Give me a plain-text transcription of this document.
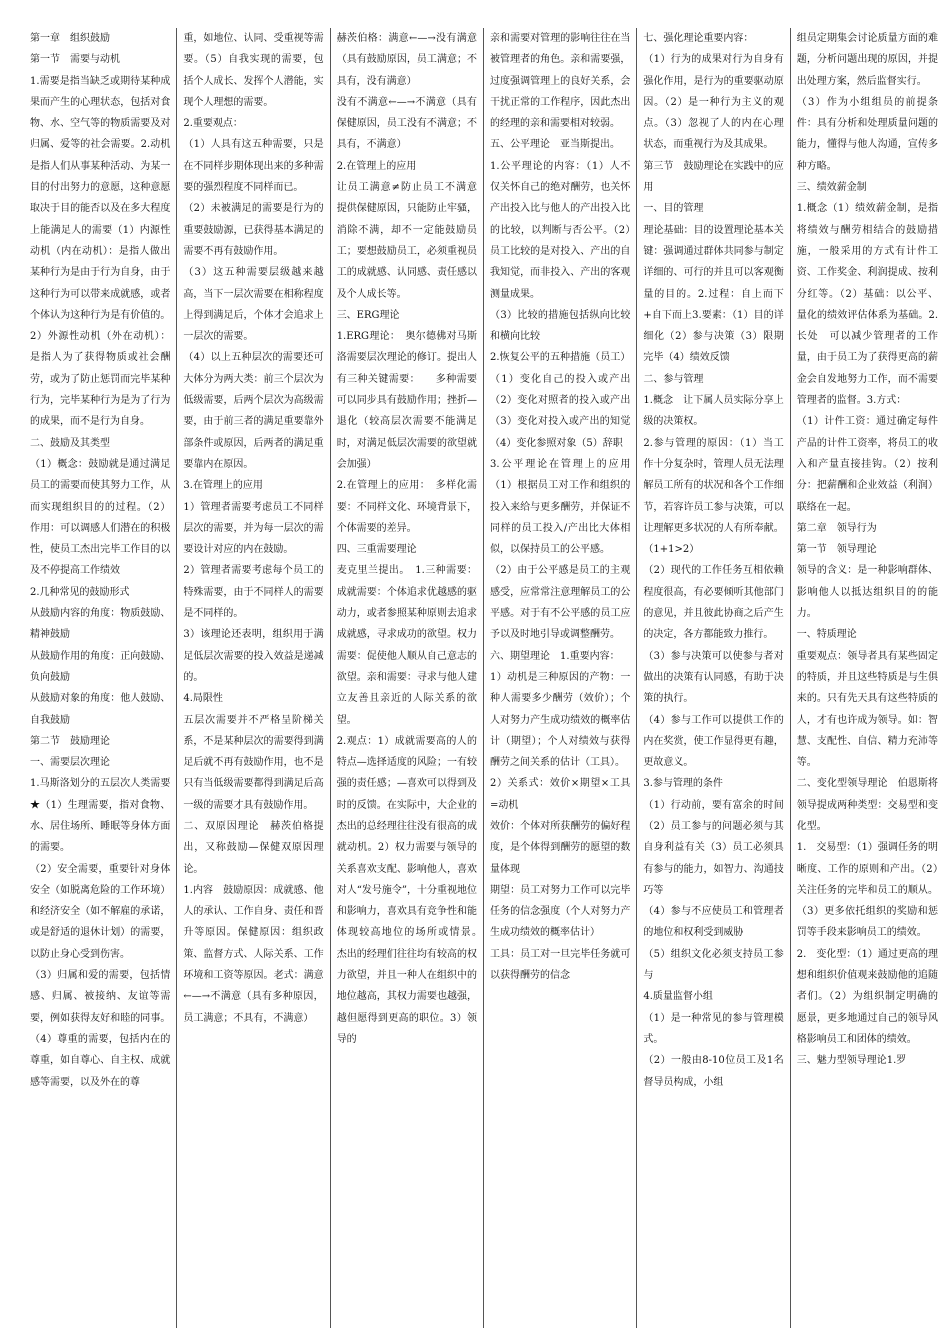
第一章　组织鼓励

第一节　需要与动机

1.需要是指当缺乏或期待某种成果而产生的心理状态，包括对食物、水、空气等的物质需要及对归属、爱等的社会需要。2.动机是指人们从事某种活动、为某一目的付出努力的意愿，这种意愿取决于目的能否以及在多大程度上能满足人的需要（1）内源性动机（内在动机）：是指人做出某种行为是由于行为自身，由于这种行为可以带来成就感，或者个体认为这种行为是有价值的。2）外源性动机（外在动机）：是指人为了获得物质或社会酬劳，或为了防止惩罚而完毕某种行为，完毕某种行为是为了行为的成果，而不是行为自身。

二、鼓励及其类型

（1）概念：鼓励就是通过满足员工的需要而使其努力工作，从而实现组织目的的过程。（2）作用：可以调感人们潜在的积极性，使员工杰出完毕工作目的以及不停提高工作绩效

2.几种常见的鼓励形式

从鼓励内容的角度：物质鼓励、精神鼓励

从鼓励作用的角度：正向鼓励、负向鼓励

从鼓励对象的角度：他人鼓励、自我鼓励

第二节　鼓励理论

一、需要层次理论

1.马斯洛划分的五层次人类需要★（1）生理需要，指对食物、水、居住场所、睡眠等身体方面的需要。

（2）安全需要，重要针对身体安全（如脱离危险的工作环境）和经济安全（如不解雇的承诺，或是舒适的退休计划）的需要，以防止身心受到伤害。

（3）归属和爱的需要，包括情感、归属、被接纳、友谊等需要，例如获得友好和睦的同事。（4）尊重的需要，包括内在的尊重，如自尊心、自主权、成就感等需要，以及外在的尊

重，如地位、认同、受重视等需要。（5）自我实现的需要，包括个人成长、发挥个人潜能，实现个人理想的需要。

2.重要观点：

（1）人具有这五种需要，只是在不同样步期体现出来的多种需要的强烈程度不同样而已。

（2）未被满足的需要是行为的重要鼓励源，已获得基本满足的需要不再有鼓励作用。

（3）这五种需要层级越来越高，当下一层次需要在相称程度上得到满足后，个体才会追求上一层次的需要。

（4）以上五种层次的需要还可大体分为两大类：前三个层次为低级需要，后两个层次为高级需要，由于前三者的满足重要靠外部条件或原因，后两者的满足重要靠内在原因。

3.在管理上的应用

1）管理者需要考虑员工不同样层次的需要，并为每一层次的需要设计对应的内在鼓励。

2）管理者需要考虑每个员工的特殊需要，由于不同样人的需要是不同样的。

3）该理论还表明，组织用于满足低层次需要的投入效益是递减的。

4.局限性

五层次需要并不严格呈阶梯关系，不是某种层次的需要得到满足后就不再有鼓励作用，也不是只有当低级需要都得到满足后高一级的需要才具有鼓励作用。

二、双原因理论　赫茨伯格提出，又称鼓励—保健双原因理论。

1.内容　鼓励原因：成就感、他人的承认、工作自身、责任和晋升等原因。保健原因：组织政策、监督方式、人际关系、工作环境和工资等原因。老式：满意←—→不满意（具有多种原因，员工满意；不具有，不满意）

赫茨伯格：满意←—→没有满意（具有鼓励原因，员工满意；不具有，没有满意）

没有不满意←—→不满意（具有保健原因，员工没有不满意；不具有，不满意）

2.在管理上的应用

让员工满意≠防止员工不满意　提供保健原因，只能防止牢骚，消除不满，却不一定能鼓励员工；要想鼓励员工，必须重视员工的成就感、认同感、责任感以及个人成长等。

三、ERG理论

1.ERG理论：　奥尔德佛对马斯洛需要层次理论的修订。提出人有三种关键需要：　　多种需要可以同步具有鼓励作用；挫折—退化（较高层次需要不能满足时，对满足低层次需要的欲望就会加强）

2.在管理上的应用：　多样化需要：不同样文化、环境背景下，个体需要的差异。

四、三重需要理论

麦克里兰提出。　1.三种需要：成就需要：个体追求优越感的驱动力，或者参照某种原则去追求成就感，寻求成功的欲望。权力需要：促使他人顺从自己意志的欲望。亲和需要：寻求与他人建立友善且亲近的人际关系的欲望。

2.观点：1）成就需要高的人的特点—选择适度的风险；一有较强的责任感；—喜欢可以得到及时的反馈。在实际中，大企业的杰出的总经理往往没有很高的成就动机。2）权力需要与领导的关系喜欢支配、影响他人，喜欢对人“发号施令”，十分重视地位和影响力，喜欢具有竞争性和能体现较高地位的场所或情景。　杰出的经理们往往均有较高的权力欲望，并且一种人在组织中的地位越高，其权力需要也越强，越但愿得到更高的职位。3）领导的

亲和需要对管理的影响往往在当被管理者的角色。亲和需要强，过度强调管理上的良好关系，会干扰正常的工作程序，因此杰出的经理的亲和需要相对较弱。

五、公平理论　亚当斯提出。

1.公平理论的内容：（1）人不仅关怀自己的绝对酬劳，也关怀产出投入比与他人的产出投入比的比较，以判断与否公平。（2）员工比较的是对投入、产出的自我知觉，而非投入、产出的客观测量成果。

（3）比较的措施包括纵向比较和横向比较

2.恢复公平的五种措施（员工）（1）变化自己的投入或产出　（2）变化对照者的投入或产出　（3）变化对投入或产出的知觉（4）变化参照对象（5）辞职

3.公平理论在管理上的应用　（1）根据员工对工作和组织的投入来给与更多酬劳，并保证不同样的员工投入/产出比大体相似，以保持员工的公平感。

（2）由于公平感是员工的主观感受，应常常注意理解员工的公平感。对于有不公平感的员工应予以及时地引导或调整酬劳。

六、期望理论　1.重要内容：

1）动机是三种原因的产物：一种人需要多少酬劳（效价）；个人对努力产生成功绩效的概率估计（期望）；个人对绩效与获得酬劳之间关系的估计（工具）。

2）关系式：效价×期望×工具=动机

效价：个体对所获酬劳的偏好程度，是个体得到酬劳的愿望的数量体现

期望：员工对努力工作可以完毕任务的信念强度（个人对努力产生成功绩效的概率估计）

工具：员工对一旦完毕任务就可以获得酬劳的信念

七、强化理论重要内容：

（1）行为的成果对行为自身有强化作用，是行为的重要驱动原因。（2）是一种行为主义的观点。（3）忽视了人的内在心理状态，而重视行为及其成果。

第三节　鼓励理论在实践中的应用

一、目的管理

理论基础：目的设置理论基本关键：强调通过群体共同参与制定详细的、可行的并且可以客观衡量的目的。2.过程：自上而下+自下而上3.要素：（1）目的详细化（2）参与决策（3）限期完毕（4）绩效反馈

二、参与管理

1.概念　让下属人员实际分享上级的决策权。

2.参与管理的原因：（1）当工作十分复杂时，管理人员无法理解员工所有的状况和各个工作细节，若容许员工参与决策，可以让理解更多状况的人有所奉献。（1+1>2）

（2）现代的工作任务互相依赖程度很高，有必要倾听其他部门的意见，并且彼此协商之后产生的决定，各方都能致力推行。

（3）参与决策可以使参与者对做出的决策有认同感，有助于决策的执行。

（4）参与工作可以提供工作的内在奖赏，使工作显得更有趣，更故意义。

3.参与管理的条件

（1）行动前，要有富余的时间（2）员工参与的问题必须与其自身利益有关（3）员工必须具有参与的能力，如智力、沟通技巧等

（4）参与不应使员工和管理者的地位和权利受到威胁

（5）组织文化必须支持员工参与

4.质量监督小组

（1）是一种常见的参与管理模式。

（2）一般由8-10位员工及1名督导员构成，小组

组员定期集会讨论质量方面的难题，分析问题出现的原因，并提出处理方案，然后监督实行。

（3）作为小组组员的前提条件：具有分析和处理质量问题的能力，懂得与他人沟通，宣传多种方略。

三、绩效薪金制

1.概念（1）绩效薪金制，是指将绩效与酬劳相结合的鼓励措施，一般采用的方式有计件工资、工作奖金、利润提成、按利分红等。（2）基础：以公平、量化的绩效评估体系为基础。2.长处　可以减少管理者的工作量，由于员工为了获得更高的薪金会自发地努力工作，而不需要管理者的监督。3.方式：

（1）计件工资：通过确定每件产品的计件工资率，将员工的收入和产量直接挂钩。（2）按利分：把薪酬和企业效益（利润）联络在一起。

第二章　领导行为

第一节　领导理论

领导的含义：是一种影响群体、影响他人以抵达组织目的的能力。

一、特质理论

重要观点：领导者具有某些固定的特质，并且这些特质是与生俱来的。只有先天具有这些特质的人，才有也许成为领导。如：智慧、支配性、自信、精力充沛等等。

二、变化型领导理论　伯恩斯将领导提成两种类型：交易型和变化型。

1.　交易型：（1）强调任务的明晰度、工作的原则和产出。（2）关注任务的完毕和员工的顺从。（3）更多依托组织的奖励和惩罚等手段来影响员工的绩效。

2.　变化型：（1）通过更高的理想和组织价值观来鼓励他的追随者们。（2）为组织制定明确的愿景，更多地通过自己的领导风格影响员工和团体的绩效。

三、魅力型领导理论1.罗
